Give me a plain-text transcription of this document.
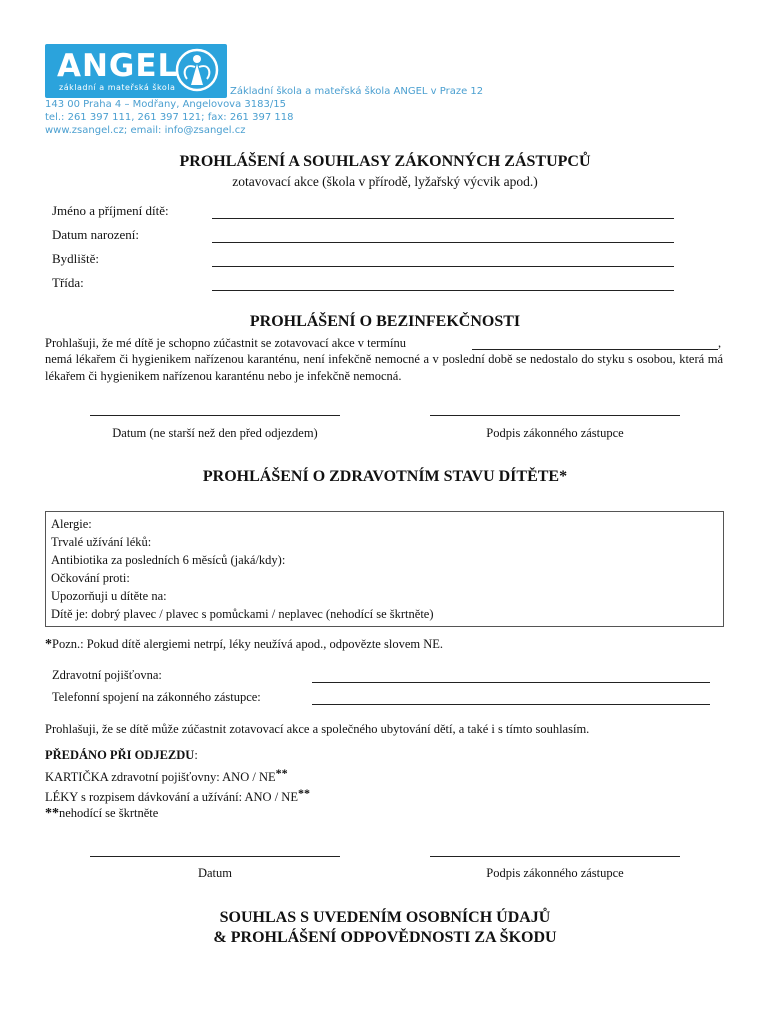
ANGEL
základní a mateřská škola	Základní škola a mateřská škola ANGEL v Praze 12
143 00 Praha 4 – Modřany, Angelovova 3183/15
tel.: 261 397 111, 261 397 121; fax: 261 397 118
www.zsangel.cz; email: info@zsangel.cz
PROHLÁŠENÍ A SOUHLASY ZÁKONNÝCH ZÁSTUPCŮ
zotavovací akce (škola v přírodě, lyžařský výcvik apod.)
Jméno a příjmení dítě:
Datum narození:
Bydliště:
Třída:
PROHLÁŠENÍ O BEZINFEKČNOSTI
Prohlašuji, že mé dítě je schopno zúčastnit se zotavovací akce v termínu	,
nemá lékařem či hygienikem nařízenou karanténu, není infekčně nemocné a v poslední době se nedostalo do styku s osobou, která má lékařem či hygienikem nařízenou karanténu nebo je infekčně nemocná.
Datum (ne starší než den před odjezdem)	Podpis zákonného zástupce
PROHLÁŠENÍ O ZDRAVOTNÍM STAVU DÍTĚTE*
Alergie:
Trvalé užívání léků:
Antibiotika za posledních 6 měsíců (jaká/kdy):
Očkování proti:
Upozorňuji u dítěte na:
Dítě je: dobrý plavec / plavec s pomůckami / neplavec (nehodící se škrtněte)
*Pozn.: Pokud dítě alergiemi netrpí, léky neužívá apod., odpovězte slovem NE.
Zdravotní pojišťovna:
Telefonní spojení na zákonného zástupce:
Prohlašuji, že se dítě může zúčastnit zotavovací akce a společného ubytování dětí, a také i s tímto souhlasím.
PŘEDÁNO PŘI ODJEZDU:
KARTIČKA zdravotní pojišťovny: ANO / NE**
LÉKY s rozpisem dávkování a užívání: ANO / NE**
**nehodící se škrtněte
Datum	Podpis zákonného zástupce
SOUHLAS S UVEDENÍM OSOBNÍCH ÚDAJŮ
& PROHLÁŠENÍ ODPOVĚDNOSTI ZA ŠKODU
